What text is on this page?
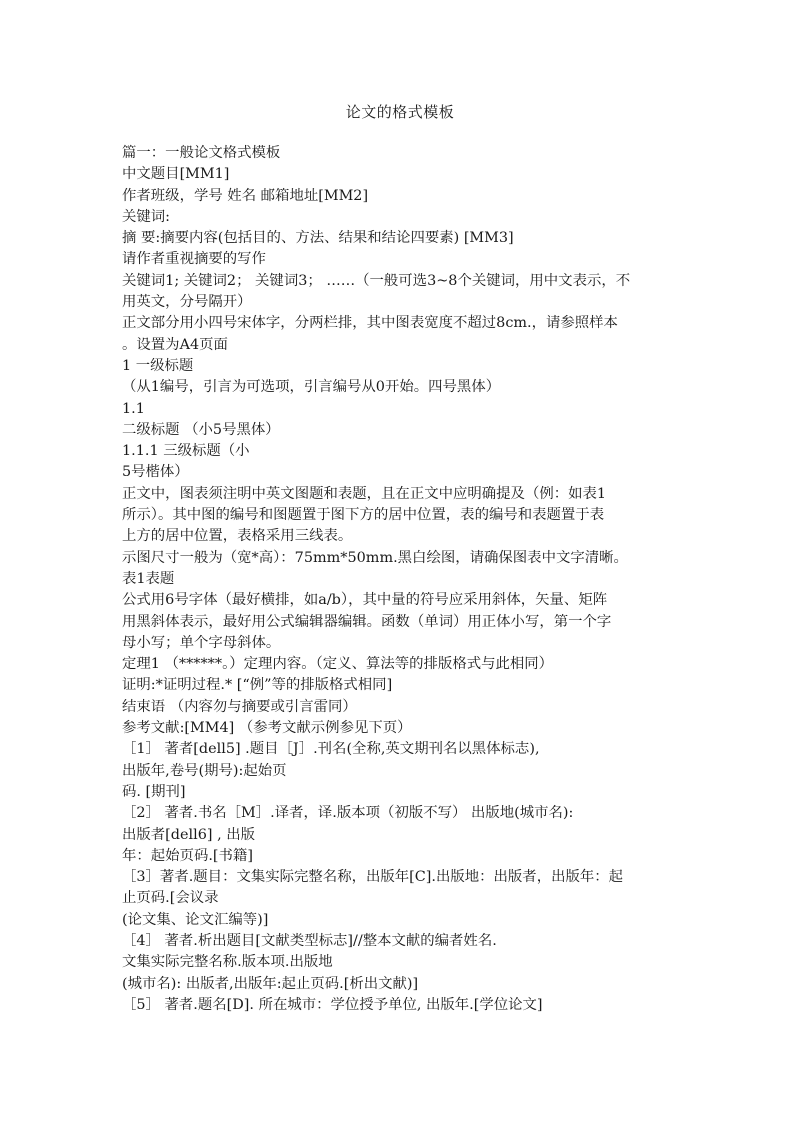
论文的格式模板
篇一：一般论文格式模板
中文题目[MM1]
作者班级，学号 姓名 邮箱地址[MM2]
关键词:
摘 要:摘要内容(包括目的、方法、结果和结论四要素) [MM3]
请作者重视摘要的写作
关键词1; 关键词2； 关键词3； ……（一般可选3~8个关键词，用中文表示，不
用英文，分号隔开）
正文部分用小四号宋体字，分两栏排，其中图表宽度不超过8cm.，请参照样本
。设置为A4页面
1 一级标题
（从1编号，引言为可选项，引言编号从0开始。四号黑体）
1.1
二级标题 （小5号黑体）
1.1.1 三级标题（小
5号楷体）
正文中，图表须注明中英文图题和表题，且在正文中应明确提及（例：如表1
所示）。其中图的编号和图题置于图下方的居中位置，表的编号和表题置于表
上方的居中位置，表格采用三线表。
示图尺寸一般为（宽*高）：75mm*50mm.黑白绘图，请确保图表中文字清晰。
表1表题
公式用6号字体（最好横排，如a/b），其中量的符号应采用斜体，矢量、矩阵
用黑斜体表示，最好用公式编辑器编辑。函数（单词）用正体小写，第一个字
母小写；单个字母斜体。
定理1 （******。）定理内容。（定义、算法等的排版格式与此相同）
证明:*证明过程.* [“例”等的排版格式相同]
结束语 （内容勿与摘要或引言雷同）
参考文献:[MM4] （参考文献示例参见下页）
［1］ 著者[dell5] .题目［J］.刊名(全称,英文期刊名以黑体标志),
出版年,卷号(期号):起始页
码. [期刊]
［2］ 著者.书名［M］.译者，译.版本项（初版不写） 出版地(城市名):
出版者[dell6] , 出版
年：起始页码.[书籍]
［3］著者.题目：文集实际完整名称，出版年[C].出版地：出版者，出版年：起
止页码.[会议录
(论文集、论文汇编等)]
［4］ 著者.析出题目[文献类型标志]//整本文献的编者姓名.
文集实际完整名称.版本项.出版地
(城市名): 出版者,出版年:起止页码.[析出文献)]
［5］ 著者.题名[D]. 所在城市：学位授予单位, 出版年.[学位论文]
